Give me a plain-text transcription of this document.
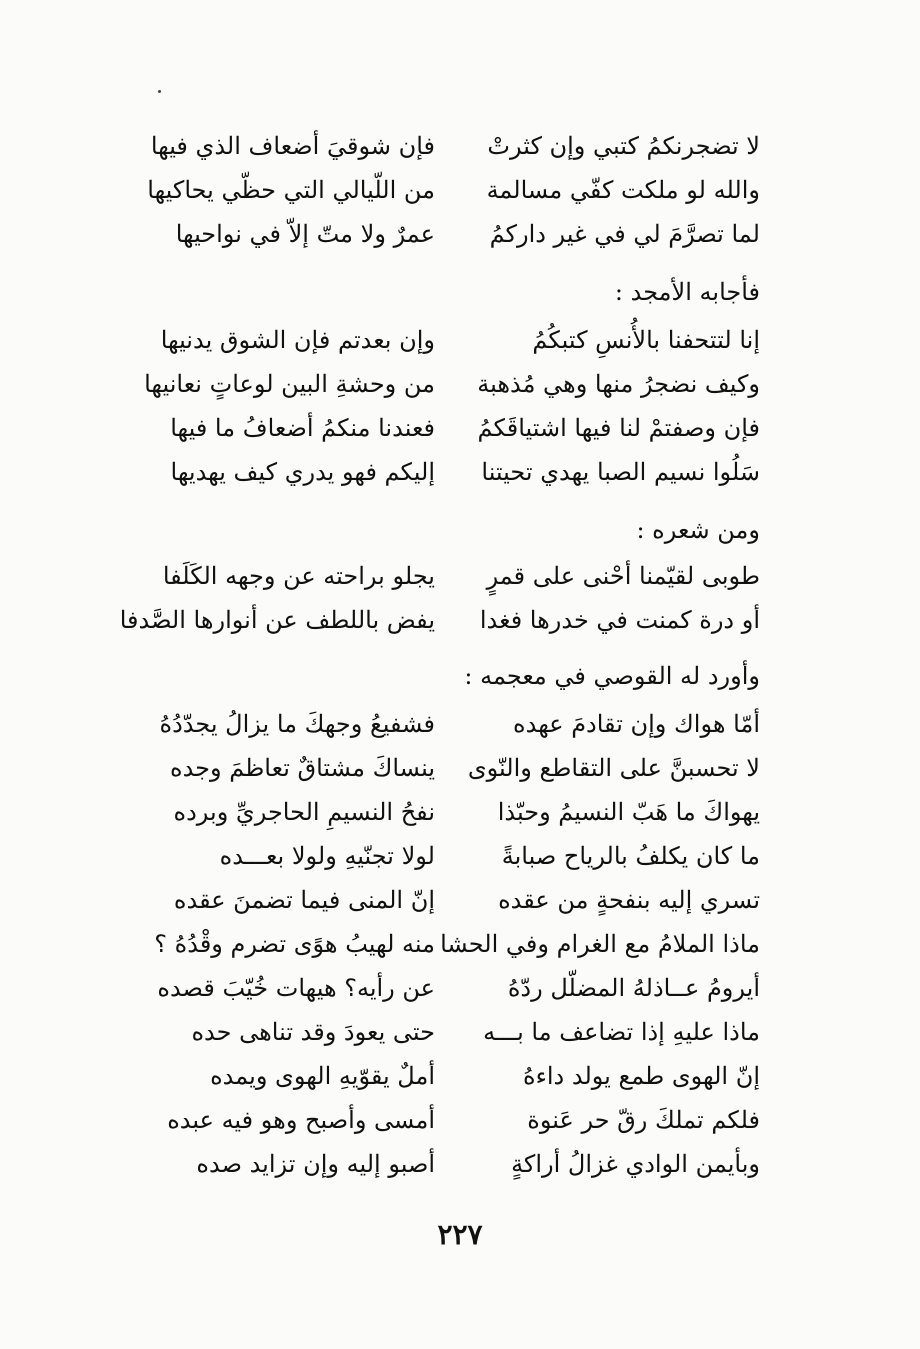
لا تضجرنكمُ كتبي وإن كثرتْ
فإن شوقيَ أضعاف الذي فيها
والله لو ملكت كفّي مسالمة
من اللّيالي التي حظّي يحاكيها
لما تصرَّمَ لي في غير داركمُ
عمرٌ ولا متّ إلاّ في نواحيها
فأجابه الأمجد :
إنا لتتحفنا بالأُنسِ كتبكُمُ
وإن بعدتم فإن الشوق يدنيها
وكيف نضجرُ منها وهي مُذهبة
من وحشةِ البين لوعاتٍ نعانيها
فإن وصفتمْ لنا فيها اشتياقَكمُ
فعندنا منكمُ أضعافُ ما فيها
سَلُوا نسيم الصبا يهدي تحيتنا
إليكم فهو يدري كيف يهديها
ومن شعره :
طوبى لقيّمنا أحْنى على قمرٍ
يجلو براحته عن وجهه الكَلَفا
أو درة كمنت في خدرها فغدا
يفض باللطف عن أنوارها الصَّدفا
وأورد له القوصي في معجمه :
أمّا هواك وإن تقادمَ عهده
فشفيعُ وجهكَ ما يزالُ يجدّدُهُ
لا تحسبنَّ على التقاطع والنّوى
ينساكَ مشتاقٌ تعاظمَ وجده
يهواكَ ما هَبّ النسيمُ وحبّذا
نفحُ النسيمِ الحاجريِّ وبرده
ما كان يكلفُ بالرياح صبابةً
لولا تجنّيهِ ولولا بعـــده
تسري إليه بنفحةٍ من عقده
إنّ المنى فيما تضمنَ عقده
ماذا الملامُ مع الغرام وفي الحشا
منه لهيبُ هوًى تضرم وقْدُهُ ؟
أيرومُ عــاذلهُ المضلّل ردّهُ
عن رأيه؟ هيهات خُيّبَ قصده
ماذا عليهِ إذا تضاعف ما بـــه
حتى يعودَ وقد تناهى حده
إنّ الهوى طمع يولد داءهُ
أملٌ يقوّيهِ الهوى ويمده
فلكم تملكَ رقّ حر عَنوة
أمسى وأصبح وهو فيه عبده
وبأيمن الوادي غزالُ أراكةٍ
أصبو إليه وإن تزايد صده
٢٢٧
